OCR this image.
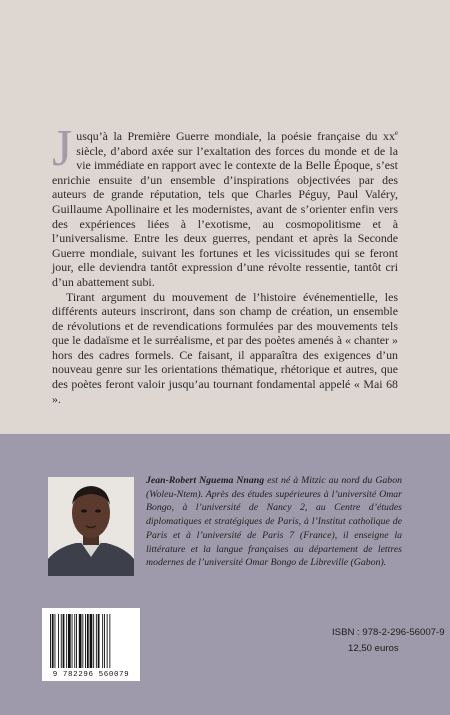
Jusqu’à la Première Guerre mondiale, la poésie française du $xx^e$ siècle, d’abord axée sur l’exaltation des forces du monde et de la vie immédiate en rapport avec le contexte de la Belle Époque, s’est enrichie ensuite d’un ensemble d’inspirations objectivées par des auteurs de grande réputation, tels que Charles Péguy, Paul Valéry, Guillaume Apollinaire et les modernistes, avant de s’orienter enfin vers des expériences liées à l’exotisme, au cosmopolitisme et à l’universalisme. Entre les deux guerres, pendant et après la Seconde Guerre mondiale, suivant les fortunes et les vicissitudes qui se feront jour, elle deviendra tantôt expression d’une révolte ressentie, tantôt cri d’un abattement subi.

Tirant argument du mouvement de l’histoire événementielle, les différents auteurs inscriront, dans son champ de création, un ensemble de révolutions et de revendications formulées par des mouvements tels que le dadaïsme et le surréalisme, et par des poètes amenés à « chanter » hors des cadres formels. Ce faisant, il apparaîtra des exigences d’un nouveau genre sur les orientations thématique, rhétorique et autres, que des poètes feront valoir jusqu’au tournant fondamental appelé « Mai 68 ».

Jean-Robert Nguema Nnang est né à Mitzic au nord du Gabon (Woleu-Ntem). Après des études supérieures à l’université Omar Bongo, à l’université de Nancy 2, au Centre d’études diplomatiques et stratégiques de Paris, à l’Institut catholique de Paris et à l’université de Paris 7 (France), il enseigne la littérature et la langue françaises au département de lettres modernes de l’université Omar Bongo de Libreville (Gabon).
9 782296 560079
ISBN : 978-2-296-56007-9
12,50 euros
